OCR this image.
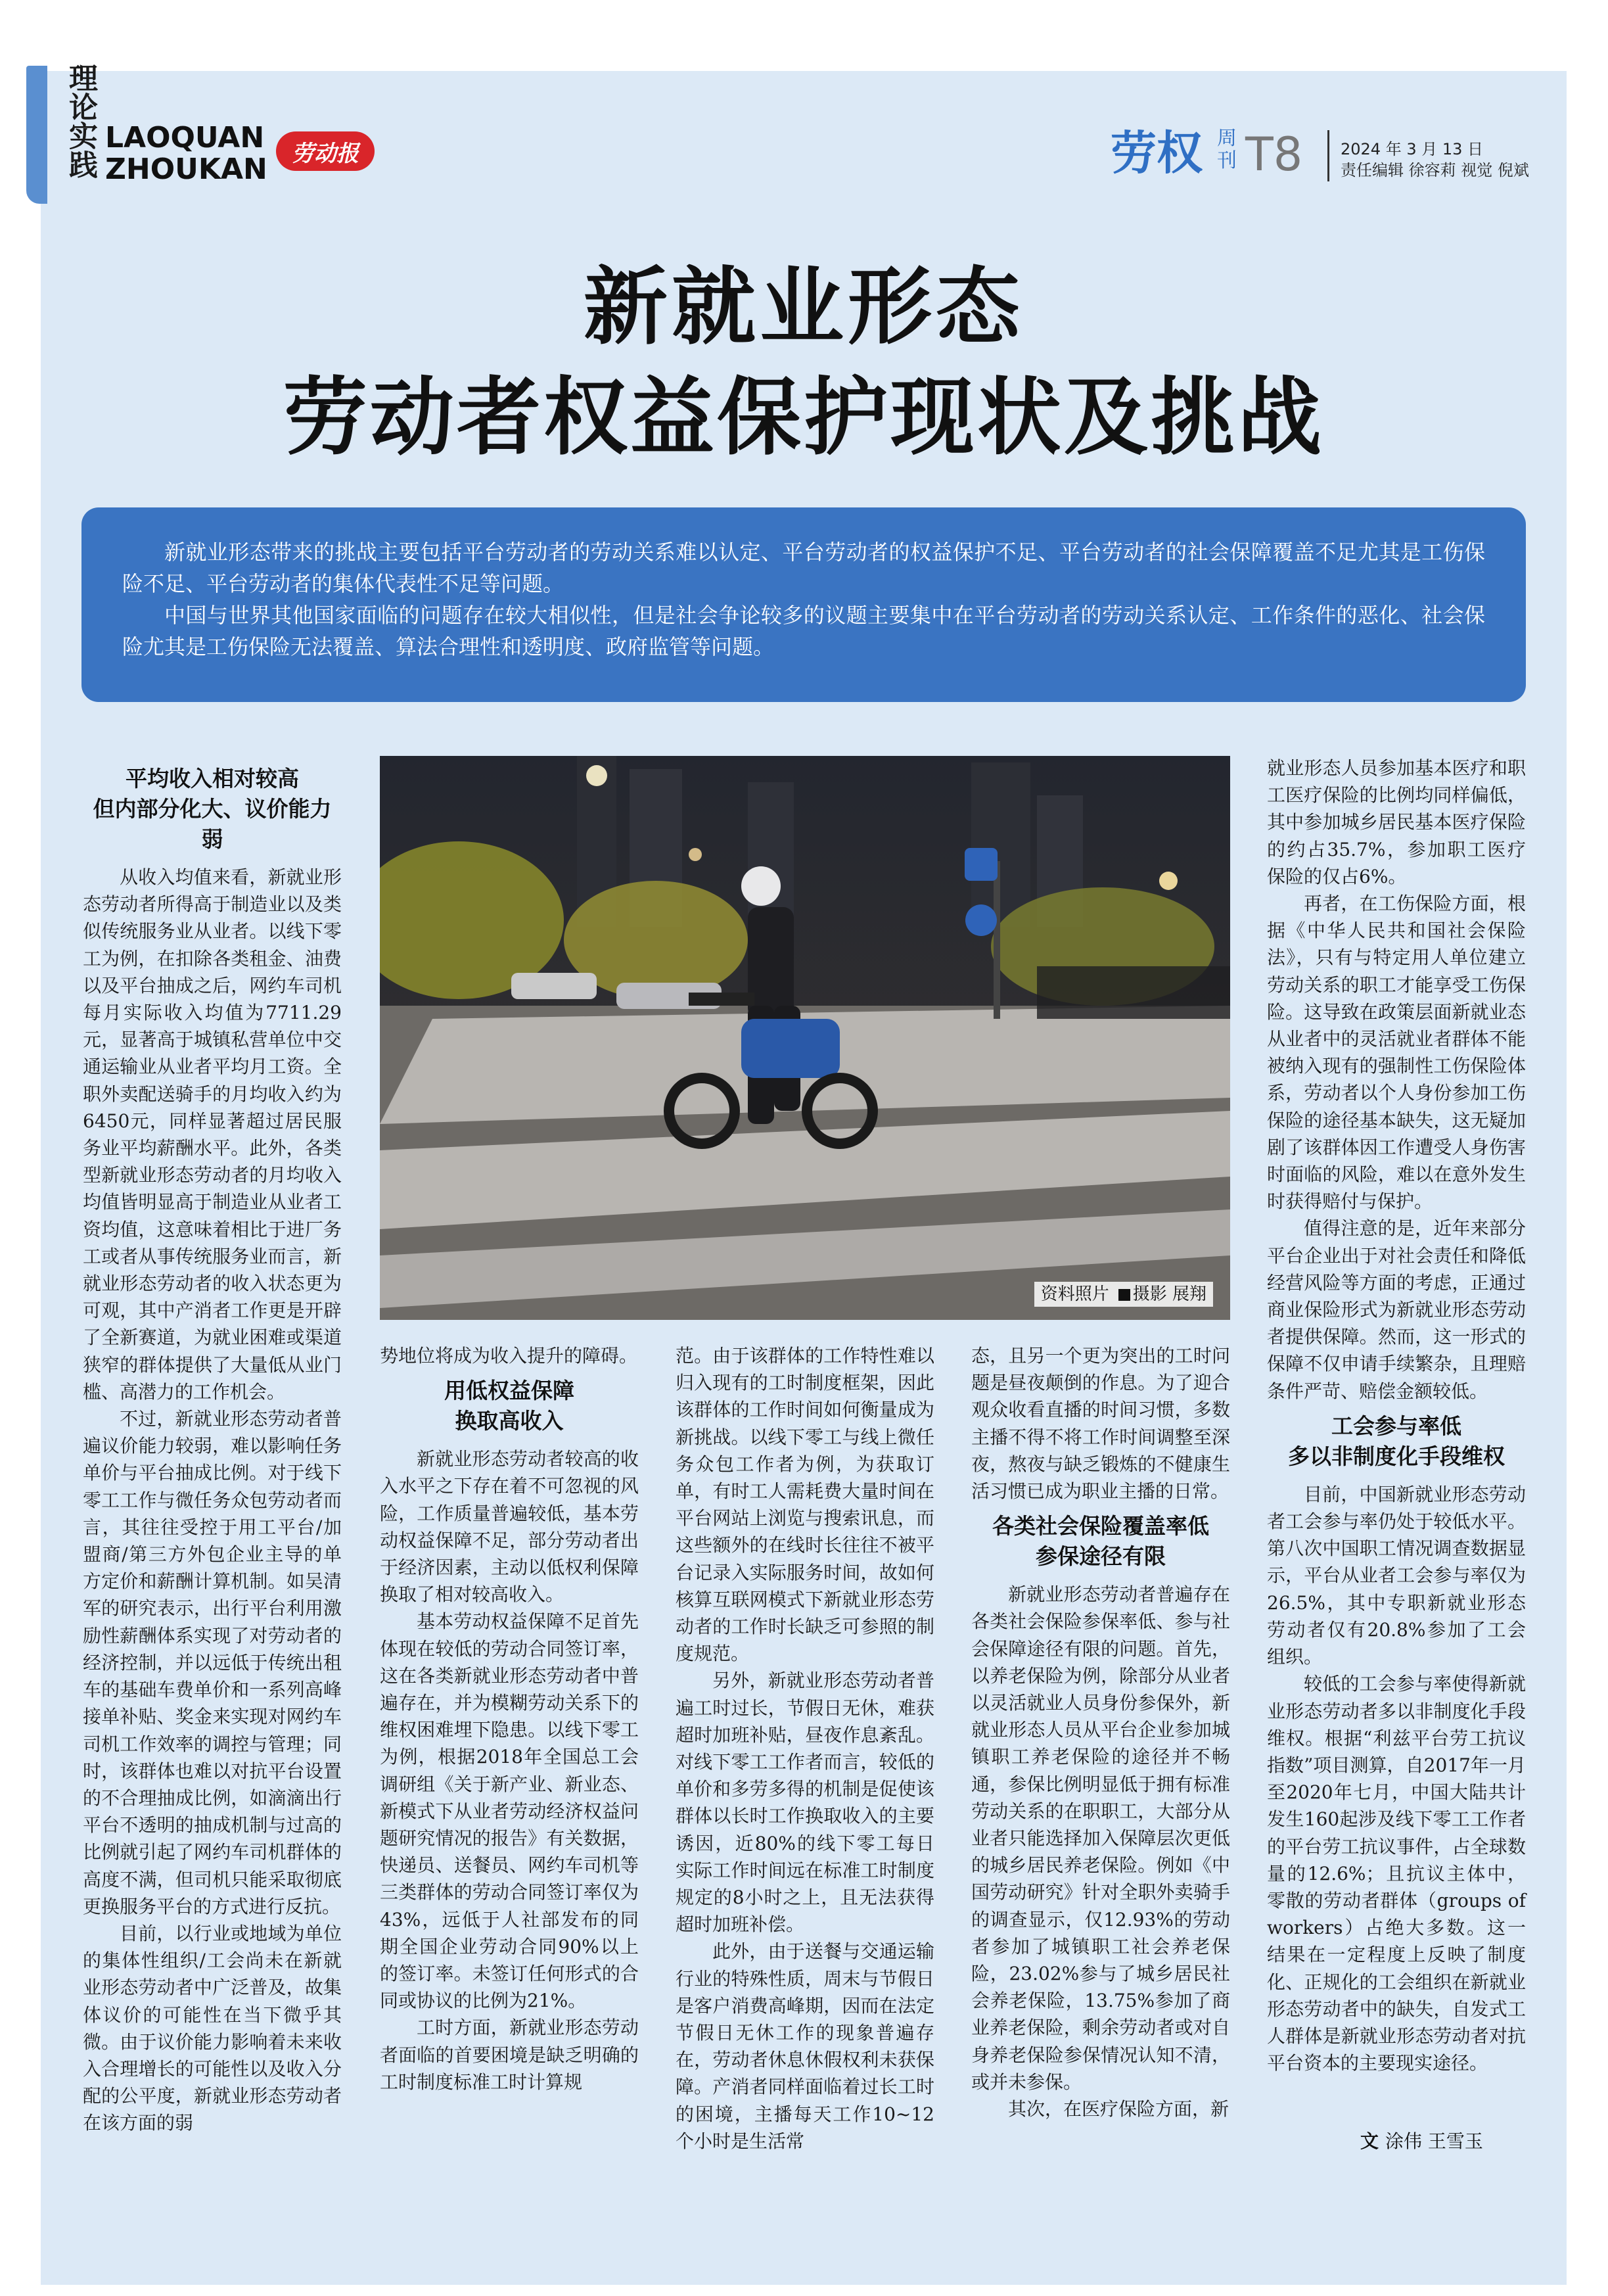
理论实践 LAOQUAN
ZHOUKAN	劳动报	劳权 周刊 T8 2024 年 3 月 13 日
责任编辑 徐容莉 视觉 倪斌
新就业形态
劳动者权益保护现状及挑战

新就业形态带来的挑战主要包括平台劳动者的劳动关系难以认定、平台劳动者的权益保护不足、平台劳动者的社会保障覆盖不足尤其是工伤保险不足、平台劳动者的集体代表性不足等问题。

中国与世界其他国家面临的问题存在较大相似性，但是社会争论较多的议题主要集中在平台劳动者的劳动关系认定、工作条件的恶化、社会保险尤其是工伤保险无法覆盖、算法合理性和透明度、政府监管等问题。

资料照片 摄影 展翔
平均收入相对较高
但内部分化大、议价能力弱

从收入均值来看，新就业形态劳动者所得高于制造业以及类似传统服务业从业者。以线下零工为例，在扣除各类租金、油费以及平台抽成之后，网约车司机每月实际收入均值为7711.29元，显著高于城镇私营单位中交通运输业从业者平均月工资。全职外卖配送骑手的月均收入约为6450元，同样显著超过居民服务业平均薪酬水平。此外，各类型新就业形态劳动者的月均收入均值皆明显高于制造业从业者工资均值，这意味着相比于进厂务工或者从事传统服务业而言，新就业形态劳动者的收入状态更为可观，其中产消者工作更是开辟了全新赛道，为就业困难或渠道狭窄的群体提供了大量低从业门槛、高潜力的工作机会。

不过，新就业形态劳动者普遍议价能力较弱，难以影响任务单价与平台抽成比例。对于线下零工工作与微任务众包劳动者而言，其往往受控于用工平台/加盟商/第三方外包企业主导的单方定价和薪酬计算机制。如吴清军的研究表示，出行平台利用激励性薪酬体系实现了对劳动者的经济控制，并以远低于传统出租车的基础车费单价和一系列高峰接单补贴、奖金来实现对网约车司机工作效率的调控与管理；同时，该群体也难以对抗平台设置的不合理抽成比例，如滴滴出行平台不透明的抽成机制与过高的比例就引起了网约车司机群体的高度不满，但司机只能采取彻底更换服务平台的方式进行反抗。

目前，以行业或地域为单位的集体性组织/工会尚未在新就业形态劳动者中广泛普及，故集体议价的可能性在当下微乎其微。由于议价能力影响着未来收入合理增长的可能性以及收入分配的公平度，新就业形态劳动者在该方面的弱

势地位将成为收入提升的障碍。

用低权益保障
换取高收入

新就业形态劳动者较高的收入水平之下存在着不可忽视的风险，工作质量普遍较低，基本劳动权益保障不足，部分劳动者出于经济因素，主动以低权利保障换取了相对较高收入。

基本劳动权益保障不足首先体现在较低的劳动合同签订率，这在各类新就业形态劳动者中普遍存在，并为模糊劳动关系下的维权困难埋下隐患。以线下零工为例，根据2018年全国总工会调研组《关于新产业、新业态、新模式下从业者劳动经济权益问题研究情况的报告》有关数据，快递员、送餐员、网约车司机等三类群体的劳动合同签订率仅为43%，远低于人社部发布的同期全国企业劳动合同90%以上的签订率。未签订任何形式的合同或协议的比例为21%。

工时方面，新就业形态劳动者面临的首要困境是缺乏明确的工时制度标准工时计算规

范。由于该群体的工作特性难以归入现有的工时制度框架，因此该群体的工作时间如何衡量成为新挑战。以线下零工与线上微任务众包工作者为例，为获取订单，有时工人需耗费大量时间在平台网站上浏览与搜索讯息，而这些额外的在线时长往往不被平台记录入实际服务时间，故如何核算互联网模式下新就业形态劳动者的工作时长缺乏可参照的制度规范。

另外，新就业形态劳动者普遍工时过长，节假日无休，难获超时加班补贴，昼夜作息紊乱。对线下零工工作者而言，较低的单价和多劳多得的机制是促使该群体以长时工作换取收入的主要诱因，近80%的线下零工每日实际工作时间远在标准工时制度规定的8小时之上，且无法获得超时加班补偿。

此外，由于送餐与交通运输行业的特殊性质，周末与节假日是客户消费高峰期，因而在法定节假日无休工作的现象普遍存在，劳动者休息休假权利未获保障。产消者同样面临着过长工时的困境，主播每天工作10~12个小时是生活常

态，且另一个更为突出的工时问题是昼夜颠倒的作息。为了迎合观众收看直播的时间习惯，多数主播不得不将工作时间调整至深夜，熬夜与缺乏锻炼的不健康生活习惯已成为职业主播的日常。

各类社会保险覆盖率低
参保途径有限

新就业形态劳动者普遍存在各类社会保险参保率低、参与社会保障途径有限的问题。首先，以养老保险为例，除部分从业者以灵活就业人员身份参保外，新就业形态人员从平台企业参加城镇职工养老保险的途径并不畅通，参保比例明显低于拥有标准劳动关系的在职职工，大部分从业者只能选择加入保障层次更低的城乡居民养老保险。例如《中国劳动研究》针对全职外卖骑手的调查显示，仅12.93%的劳动者参加了城镇职工社会养老保险，23.02%参与了城乡居民社会养老保险，13.75%参加了商业养老保险，剩余劳动者或对自身养老保险参保情况认知不清，或并未参保。

其次，在医疗保险方面，新

就业形态人员参加基本医疗和职工医疗保险的比例均同样偏低，其中参加城乡居民基本医疗保险的约占35.7%，参加职工医疗保险的仅占6%。

再者，在工伤保险方面，根据《中华人民共和国社会保险法》，只有与特定用人单位建立劳动关系的职工才能享受工伤保险。这导致在政策层面新就业态从业者中的灵活就业者群体不能被纳入现有的强制性工伤保险体系，劳动者以个人身份参加工伤保险的途径基本缺失，这无疑加剧了该群体因工作遭受人身伤害时面临的风险，难以在意外发生时获得赔付与保护。

值得注意的是，近年来部分平台企业出于对社会责任和降低经营风险等方面的考虑，正通过商业保险形式为新就业形态劳动者提供保障。然而，这一形式的保障不仅申请手续繁杂，且理赔条件严苛、赔偿金额较低。

工会参与率低
多以非制度化手段维权

目前，中国新就业形态劳动者工会参与率仍处于较低水平。第八次中国职工情况调查数据显示，平台从业者工会参与率仅为26.5%，其中专职新就业形态劳动者仅有20.8%参加了工会组织。

较低的工会参与率使得新就业形态劳动者多以非制度化手段维权。根据“利兹平台劳工抗议指数”项目测算，自2017年一月至2020年七月，中国大陆共计发生160起涉及线下零工工作者的平台劳工抗议事件，占全球数量的12.6%；且抗议主体中，零散的劳动者群体（groups of workers）占绝大多数。这一结果在一定程度上反映了制度化、正规化的工会组织在新就业形态劳动者中的缺失，自发式工人群体是新就业形态劳动者对抗平台资本的主要现实途径。

文 涂伟 王雪玉
